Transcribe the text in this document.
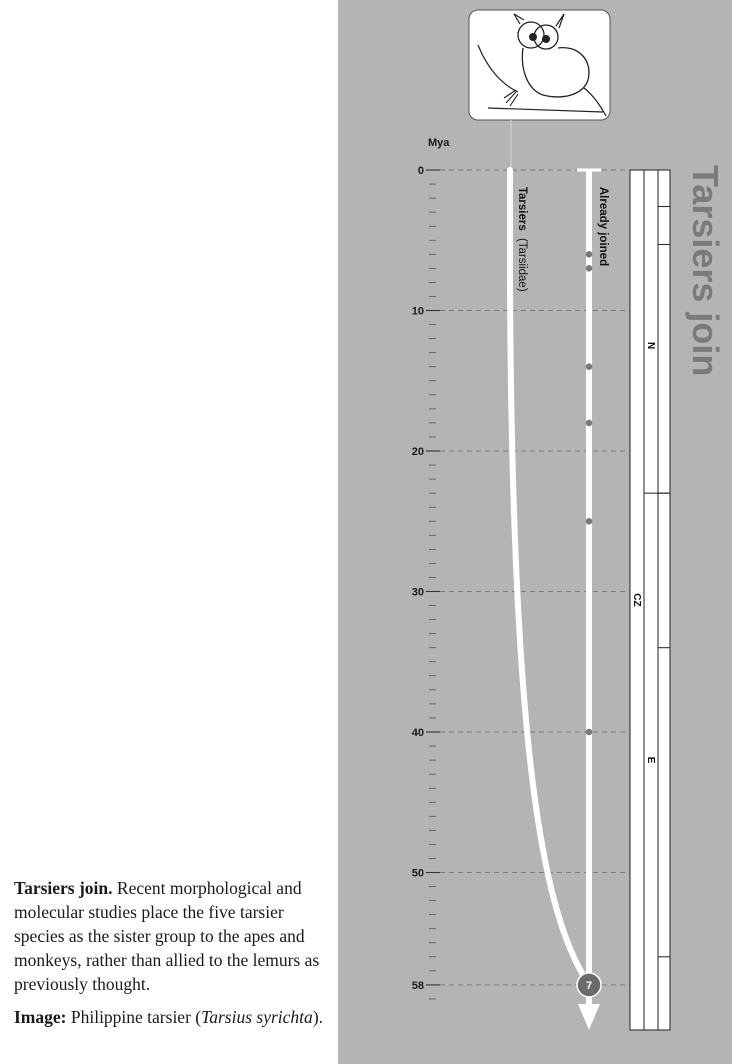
Tarsiers join. Recent morphological and molecular studies place the five tarsier species as the sister group to the apes and monkeys, rather than allied to the lemurs as previously thought.

Image: Philippine tarsier (Tarsius syrichta).

Mya
Tarsiers join
0
10
20
30
40
50
58
N
E
CZ
7
Tarsiers (Tarsiidae)	Already joined
